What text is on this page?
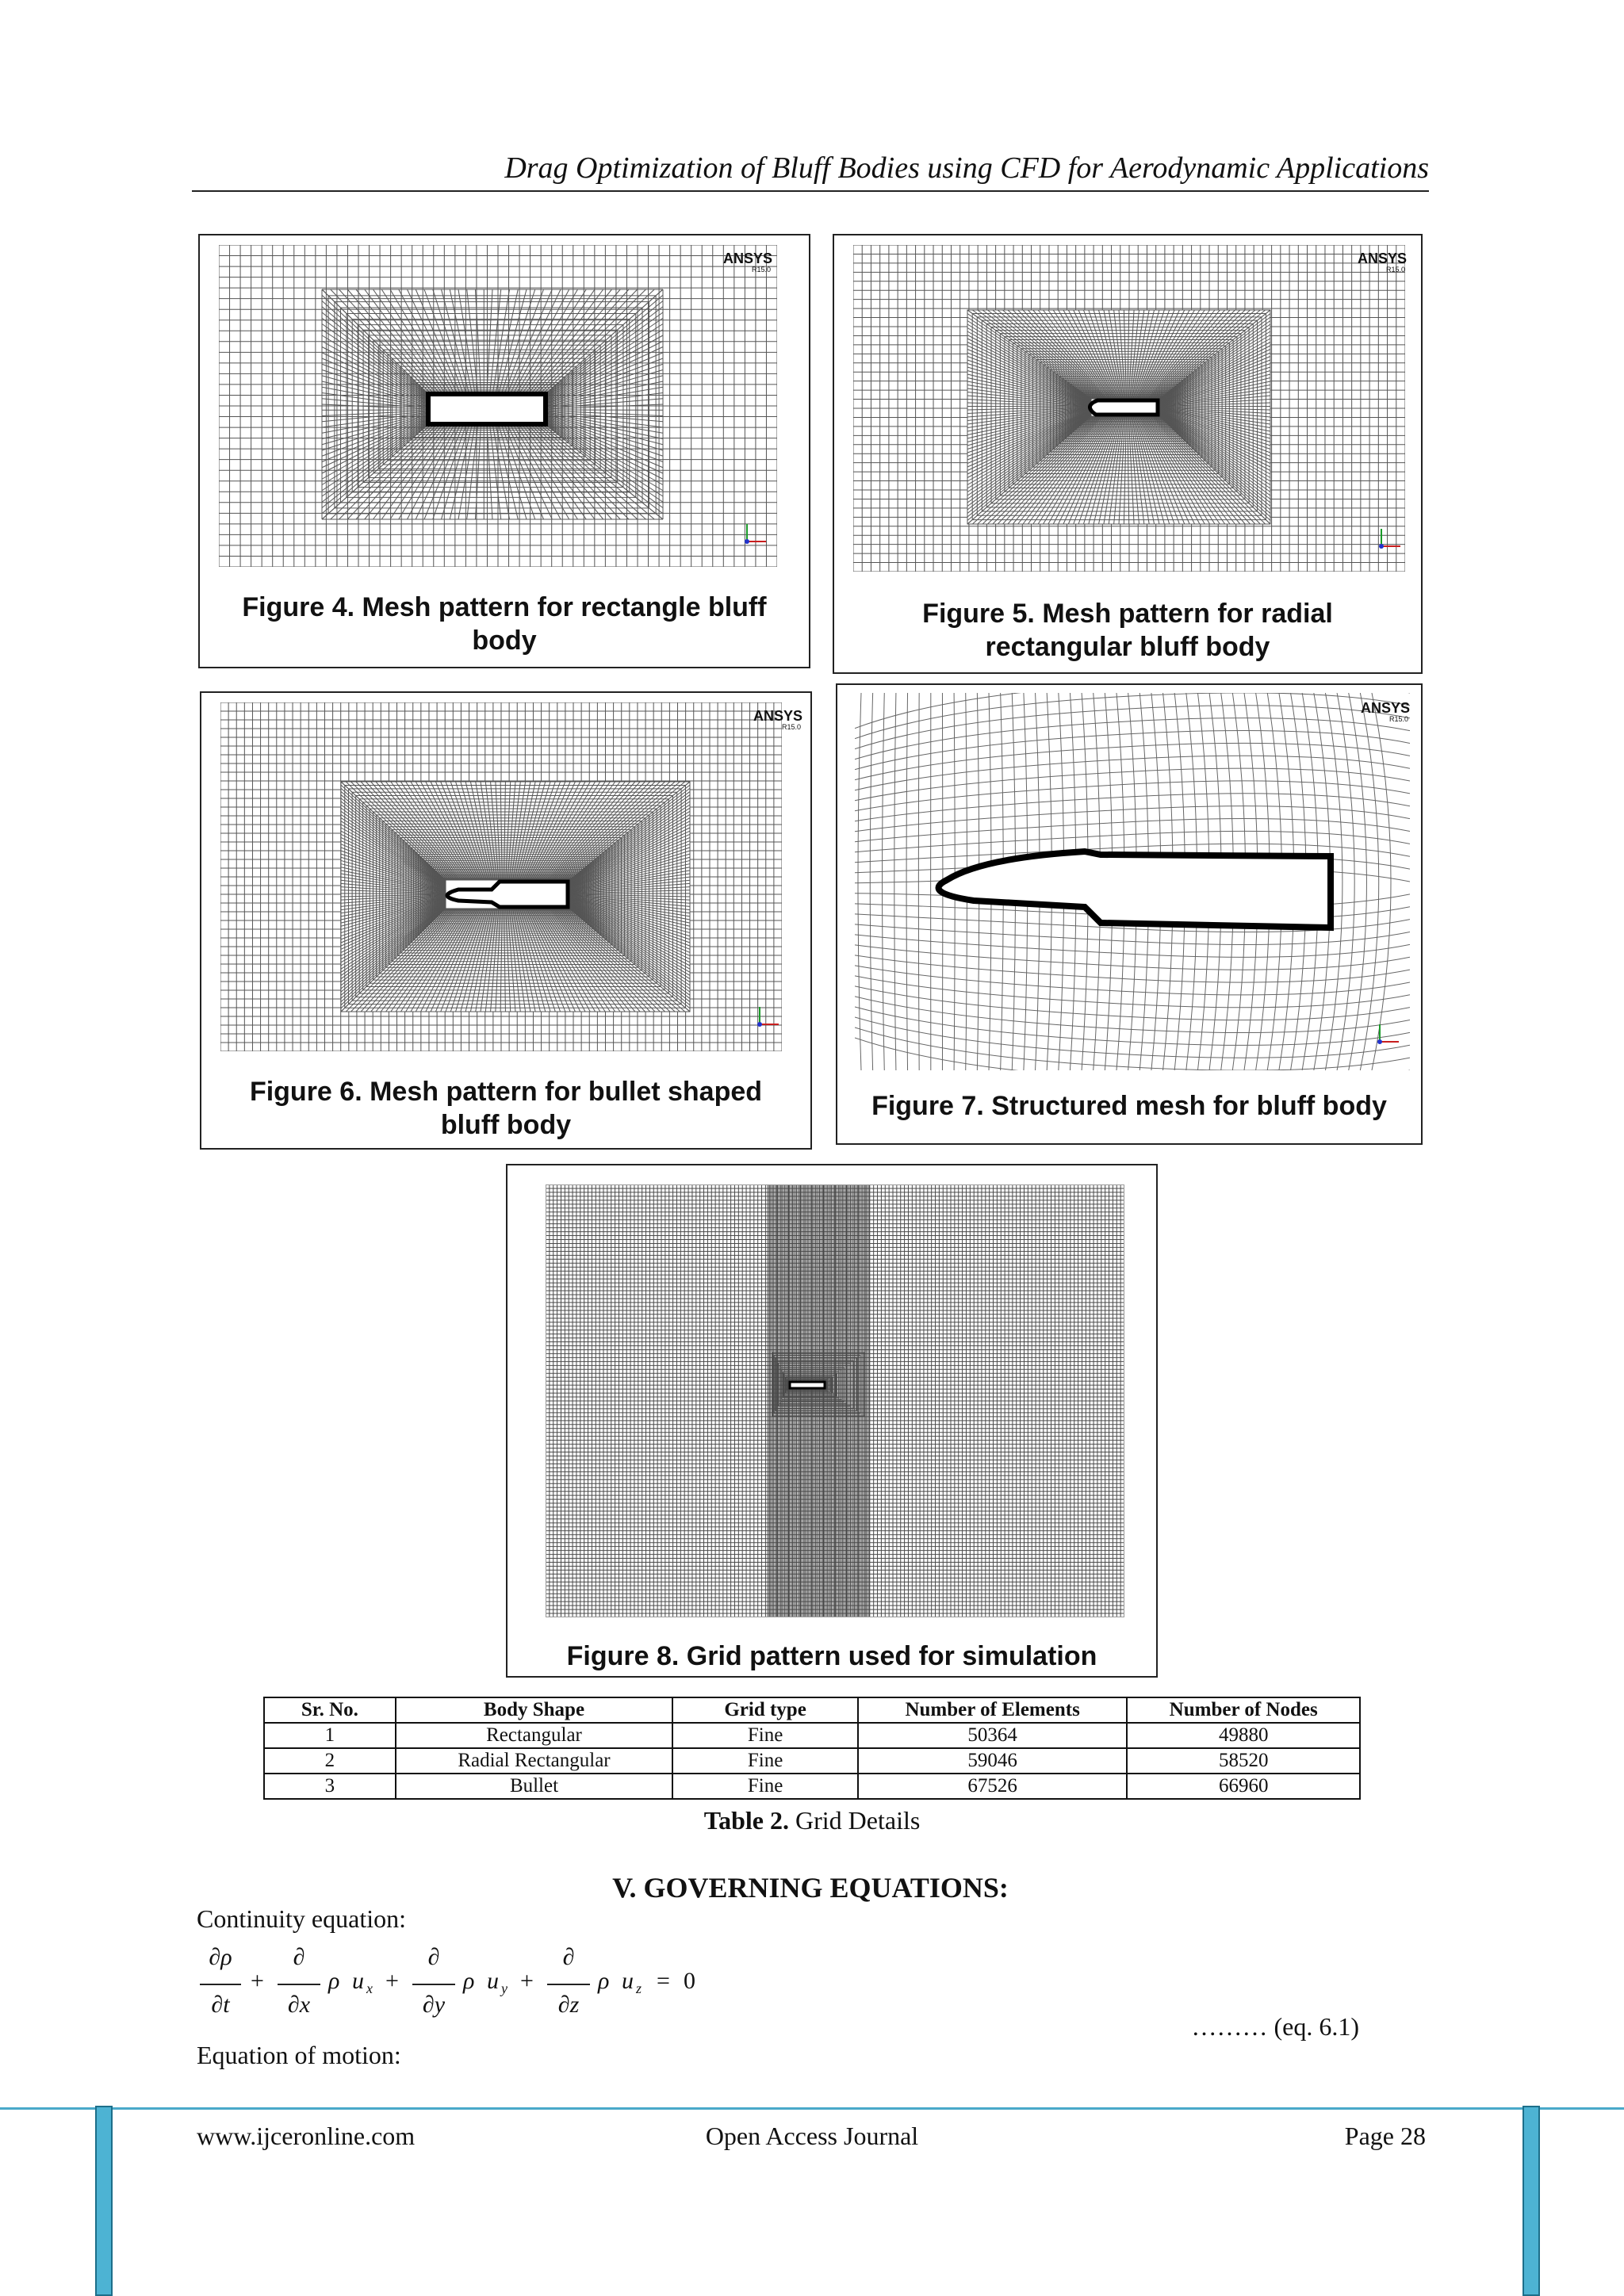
Drag Optimization of Bluff Bodies using CFD for Aerodynamic Applications
ANSYS
R15.0
Figure 4. Mesh pattern for rectangle bluff
body
ANSYS
R15.0
Figure 5. Mesh pattern for radial
rectangular bluff body
ANSYS
R15.0
Figure 6. Mesh pattern for bullet shaped
bluff body
ANSYS
R15.0
Figure 7. Structured mesh for bluff body
Figure 8. Grid pattern used for simulation
Sr. No.	Body Shape	Grid type	Number of Elements	Number of Nodes
1	Rectangular	Fine	50364	49880
2	Radial Rectangular	Fine	59046	58520
3	Bullet	Fine	67526	66960
Table 2. Grid Details
V. GOVERNING EQUATIONS:
Continuity equation:
∂ρ
∂t
+
∂
∂x
ρ u x +
∂
∂y
ρ u y +
∂
∂z
ρ u z = 0
……… (eq. 6.1)
Equation of motion:
www.ijceronline.com	Open Access Journal	Page 28
